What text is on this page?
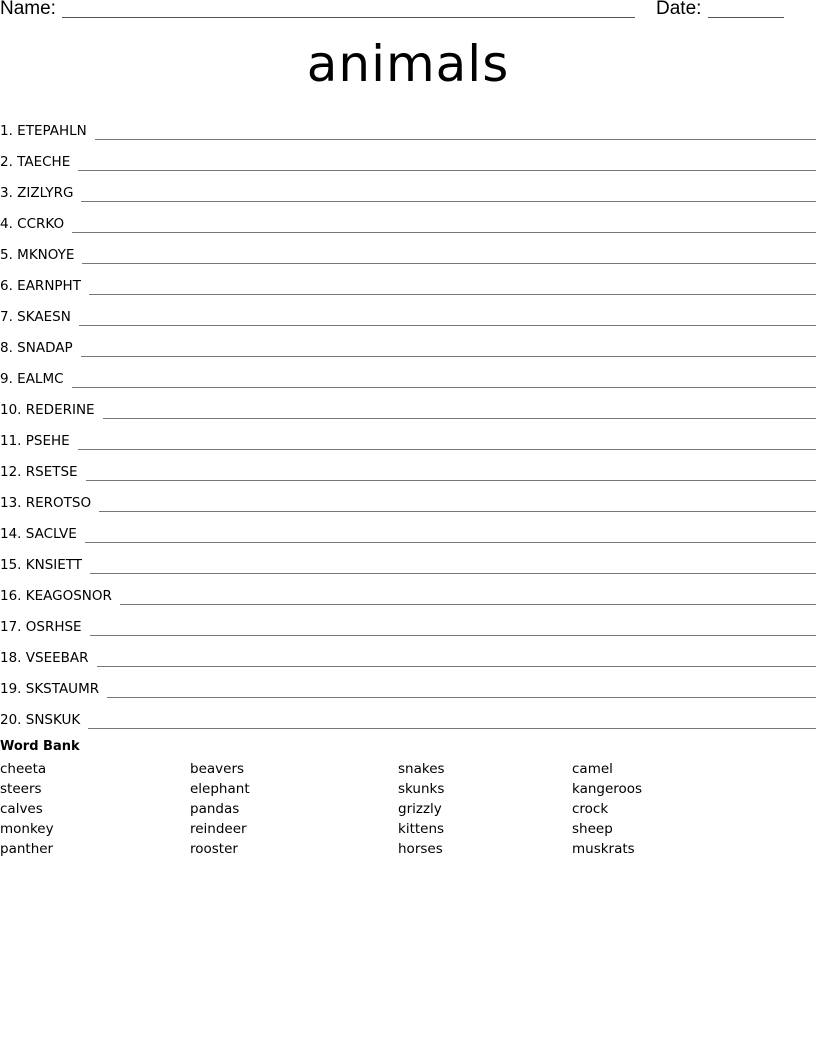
Name:	Date:
animals
1. ETEPAHLN
2. TAECHE
3. ZIZLYRG
4. CCRKO
5. MKNOYE
6. EARNPHT
7. SKAESN
8. SNADAP
9. EALMC
10. REDERINE
11. PSEHE
12. RSETSE
13. REROTSO
14. SACLVE
15. KNSIETT
16. KEAGOSNOR
17. OSRHSE
18. VSEEBAR
19. SKSTAUMR
20. SNSKUK
Word Bank
cheeta
steers
calves
monkey
panther
beavers
elephant
pandas
reindeer
rooster
snakes
skunks
grizzly
kittens
horses
camel
kangeroos
crock
sheep
muskrats
